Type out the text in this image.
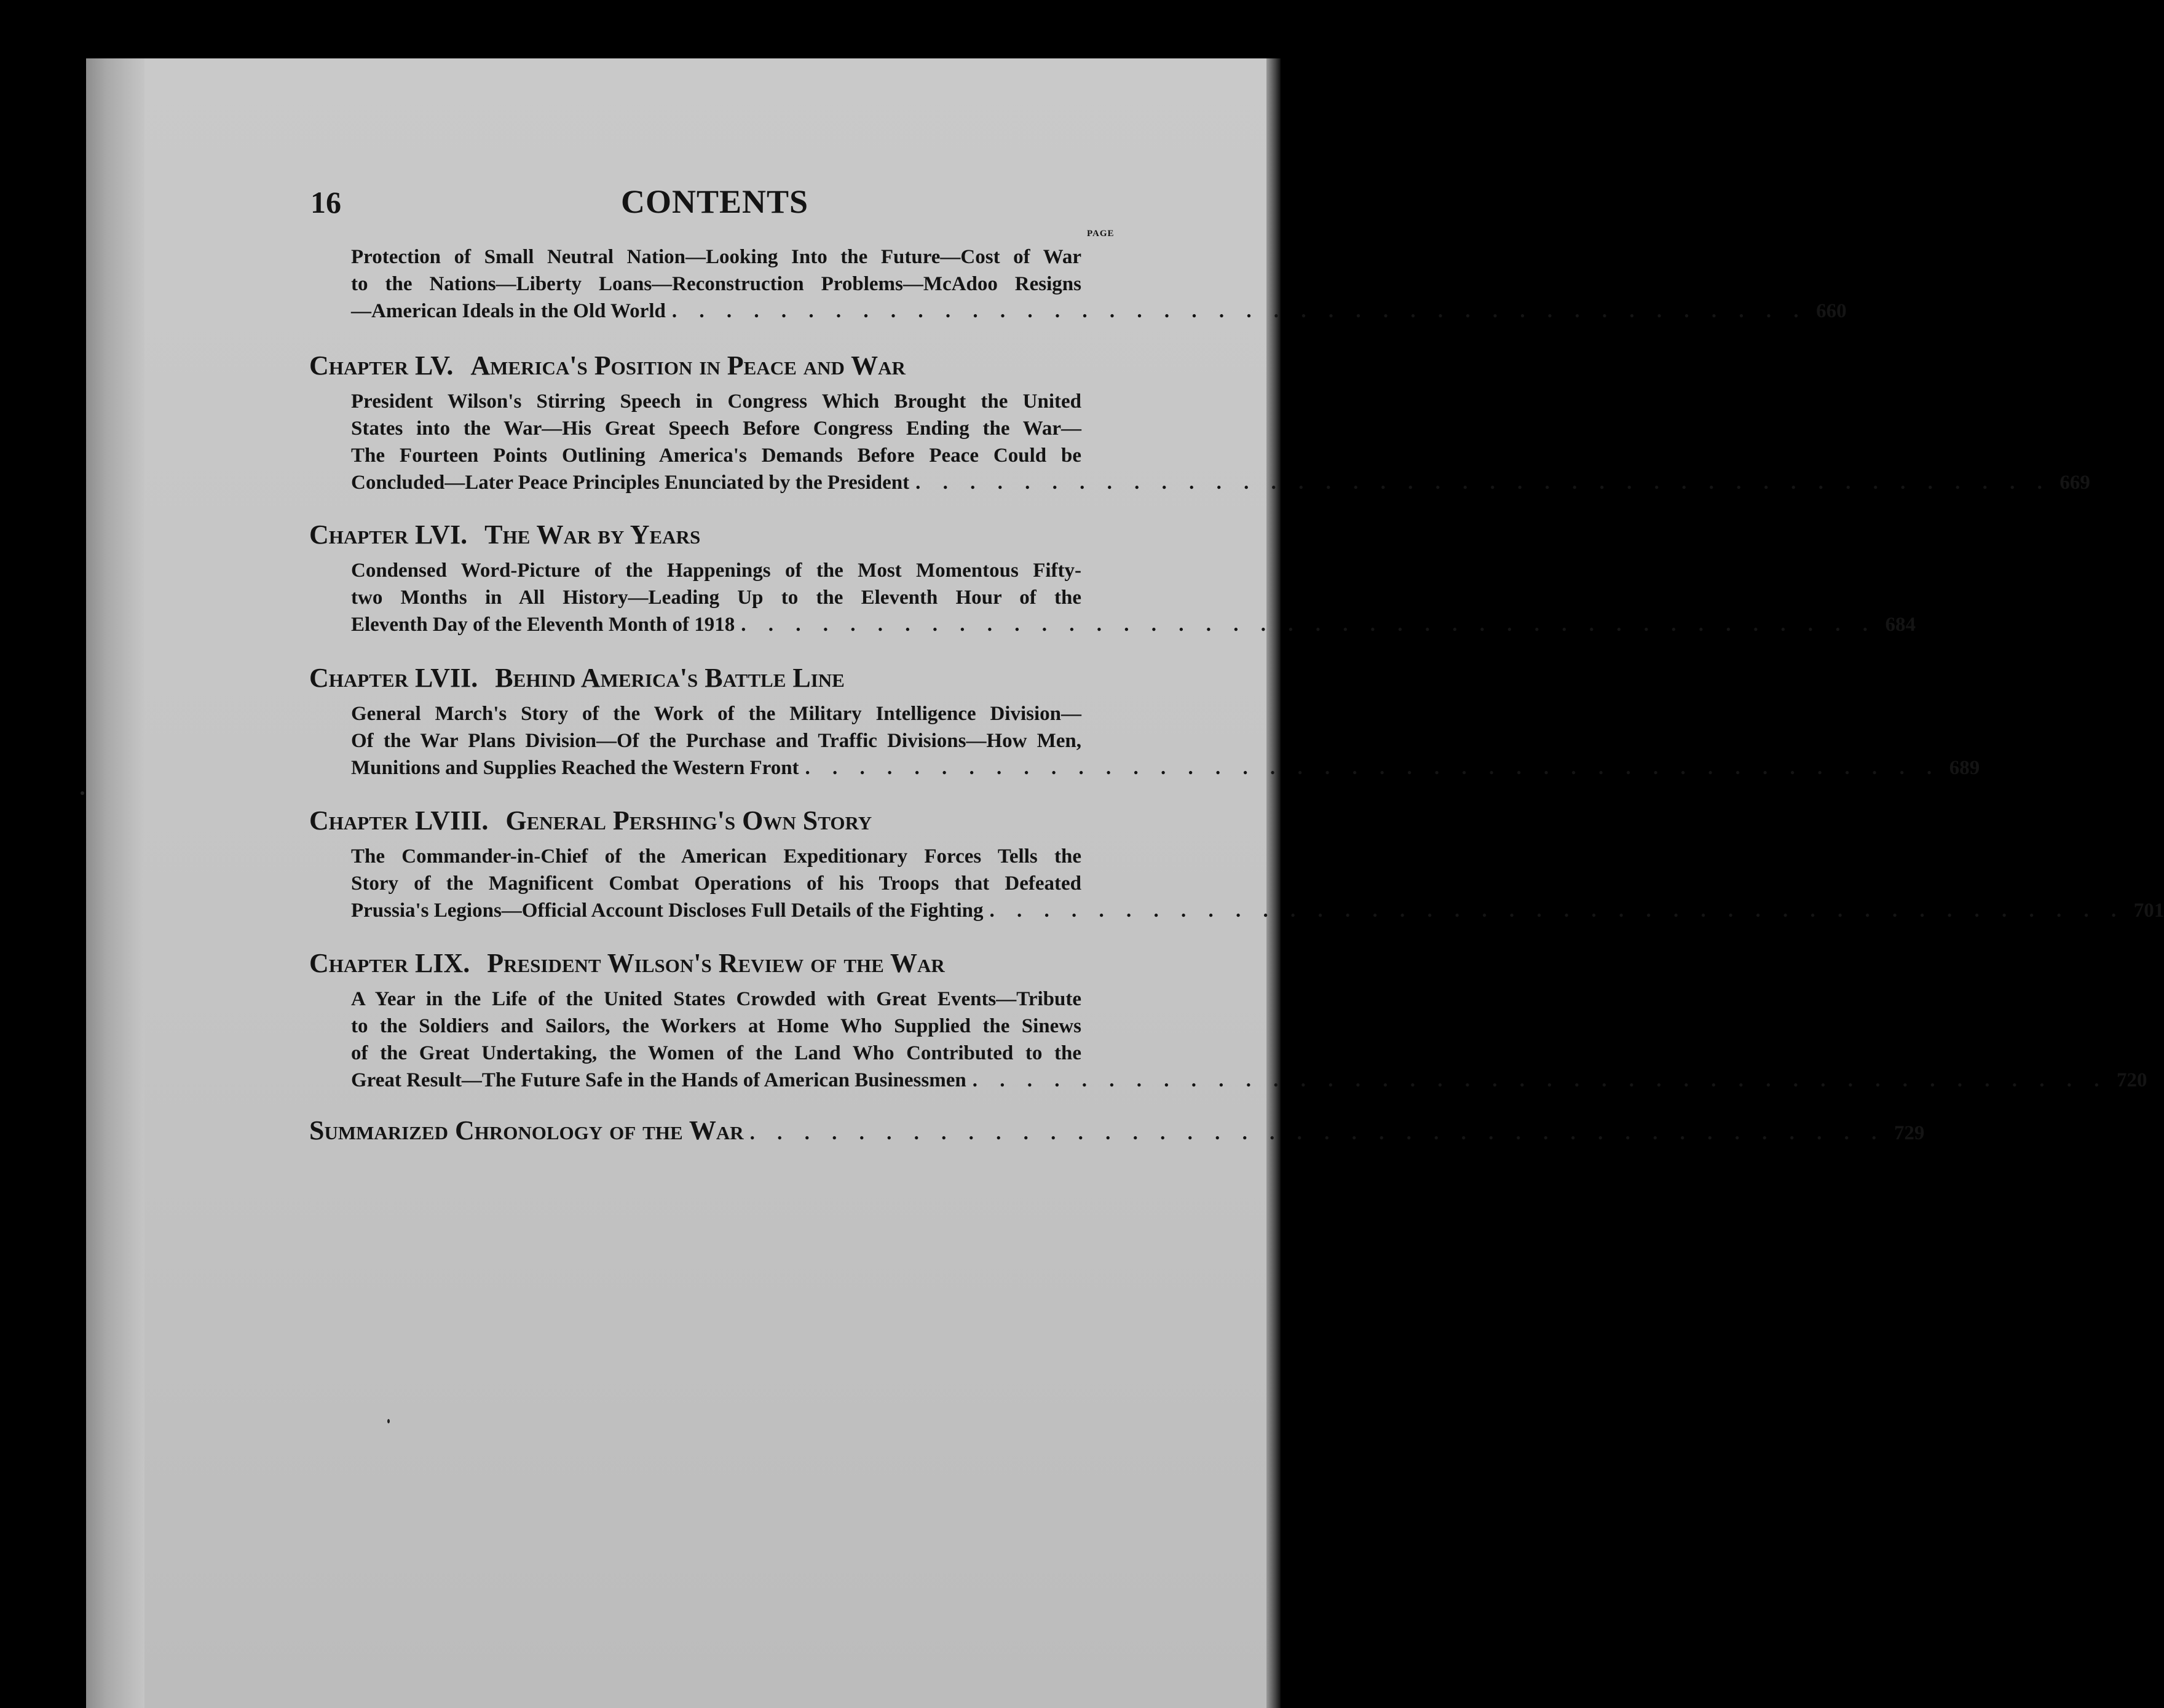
16	CONTENTS
PAGE
Protection of Small Neutral Nation—Looking Into the Future—Cost of War
to the Nations—Liberty Loans—Reconstruction Problems—McAdoo Resigns
—American Ideals in the Old World . . . . . . . . . . . . . . . . . . . . . . . . . . . . . . . . . . . . . . . . . . 660
Chapter LV. America's Position in Peace and War
President Wilson's Stirring Speech in Congress Which Brought the United
States into the War—His Great Speech Before Congress Ending the War—
The Fourteen Points Outlining America's Demands Before Peace Could be
Concluded—Later Peace Principles Enunciated by the President . . . . . . . . . . . . . . . . . . . . . . . . . . . . . . . . . . . . . . . . . . 669
Chapter LVI. The War by Years
Condensed Word-Picture of the Happenings of the Most Momentous Fifty-
two Months in All History—Leading Up to the Eleventh Hour of the
Eleventh Day of the Eleventh Month of 1918 . . . . . . . . . . . . . . . . . . . . . . . . . . . . . . . . . . . . . . . . . . 684
Chapter LVII. Behind America's Battle Line
General March's Story of the Work of the Military Intelligence Division—
Of the War Plans Division—Of the Purchase and Traffic Divisions—How Men,
Munitions and Supplies Reached the Western Front . . . . . . . . . . . . . . . . . . . . . . . . . . . . . . . . . . . . . . . . . . 689
Chapter LVIII. General Pershing's Own Story
The Commander-in-Chief of the American Expeditionary Forces Tells the
Story of the Magnificent Combat Operations of his Troops that Defeated
Prussia's Legions—Official Account Discloses Full Details of the Fighting . . . . . . . . . . . . . . . . . . . . . . . . . . . . . . . . . . . . . . . . . . 701
Chapter LIX. President Wilson's Review of the War
A Year in the Life of the United States Crowded with Great Events—Tribute
to the Soldiers and Sailors, the Workers at Home Who Supplied the Sinews
of the Great Undertaking, the Women of the Land Who Contributed to the
Great Result—The Future Safe in the Hands of American Businessmen . . . . . . . . . . . . . . . . . . . . . . . . . . . . . . . . . . . . . . . . . . 720
Summarized Chronology of the War . . . . . . . . . . . . . . . . . . . . . . . . . . . . . . . . . . . . . . . . . . 729
